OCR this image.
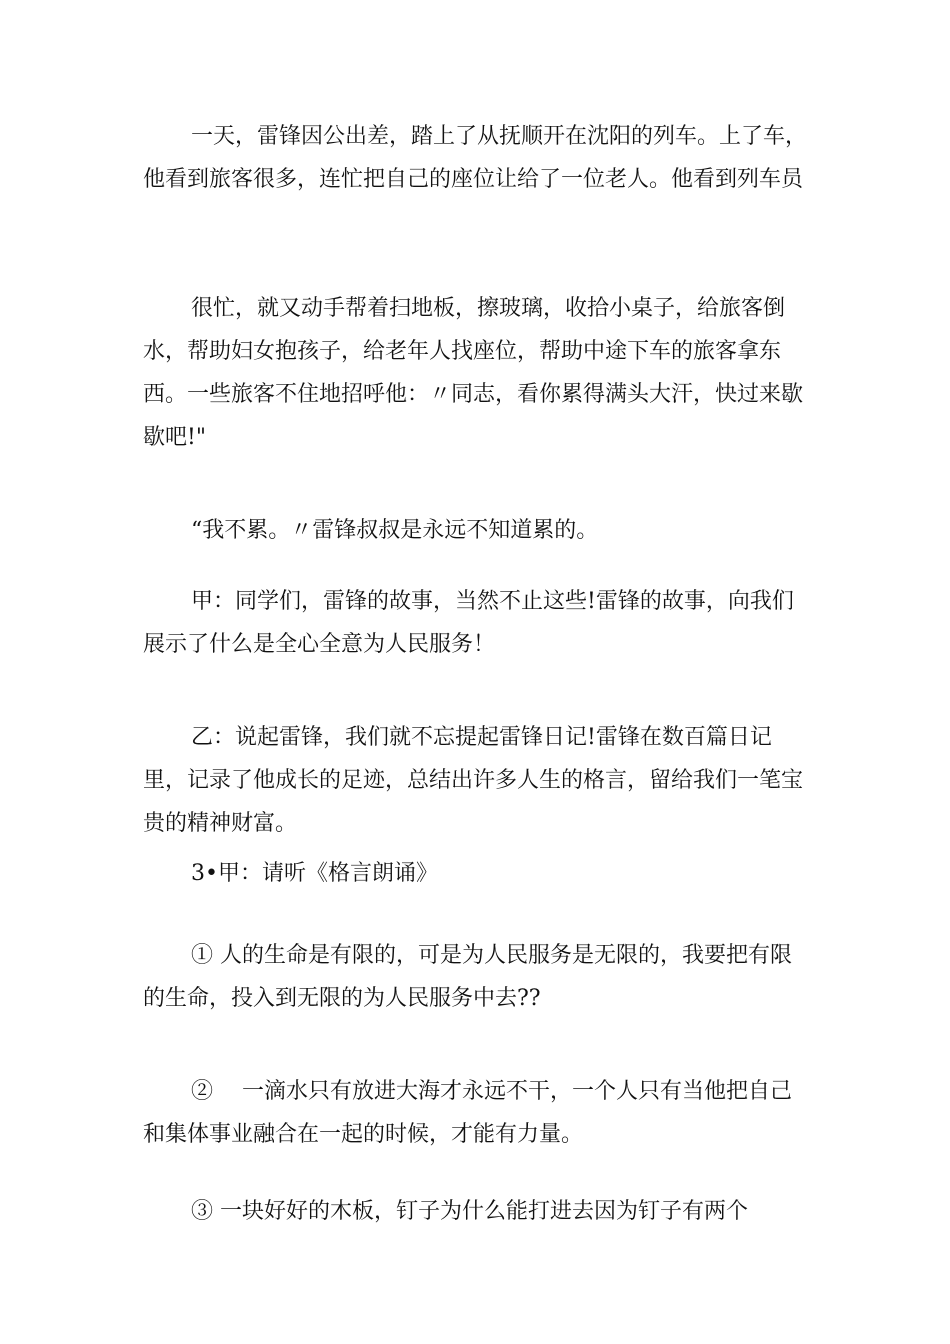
一天，雷锋因公出差，踏上了从抚顺开在沈阳的列车。上了车，他看到旅客很多，连忙把自己的座位让给了一位老人。他看到列车员

很忙，就又动手帮着扫地板，擦玻璃，收拾小桌子，给旅客倒水，帮助妇女抱孩子，给老年人找座位，帮助中途下车的旅客拿东西。一些旅客不住地招呼他：〃同志，看你累得满头大汗，快过来歇歇吧!"

“我不累。〃雷锋叔叔是永远不知道累的。

甲：同学们，雷锋的故事，当然不止这些!雷锋的故事，向我们展示了什么是全心全意为人民服务！

乙：说起雷锋，我们就不忘提起雷锋日记!雷锋在数百篇日记里，记录了他成长的足迹，总结出许多人生的格言，留给我们一笔宝贵的精神财富。

3•甲：请听《格言朗诵》

① 人的生命是有限的，可是为人民服务是无限的，我要把有限的生命，投入到无限的为人民服务中去??

②　 一滴水只有放进大海才永远不干，一个人只有当他把自己和集体事业融合在一起的时候，才能有力量。

③ 一块好好的木板，钉子为什么能打进去因为钉子有两个
